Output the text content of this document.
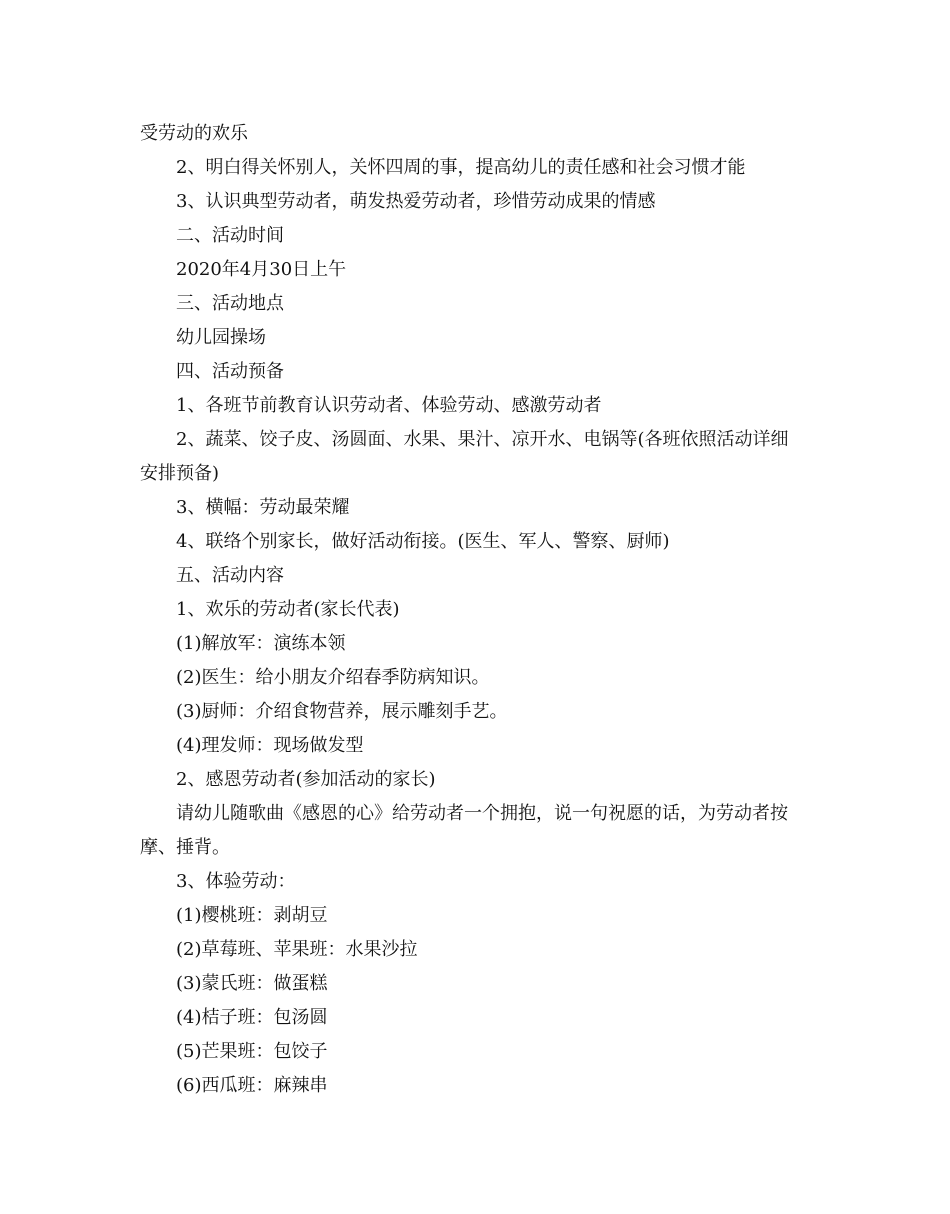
受劳动的欢乐
2、明白得关怀别人，关怀四周的事，提高幼儿的责任感和社会习惯才能
3、认识典型劳动者，萌发热爱劳动者，珍惜劳动成果的情感
二、活动时间
2020年4月30日上午
三、活动地点
幼儿园操场
四、活动预备
1、各班节前教育认识劳动者、体验劳动、感激劳动者
2、蔬菜、饺子皮、汤圆面、水果、果汁、凉开水、电锅等(各班依照活动详细
安排预备)
3、横幅：劳动最荣耀
4、联络个别家长，做好活动衔接。(医生、军人、警察、厨师)
五、活动内容
1、欢乐的劳动者(家长代表)
(1)解放军：演练本领
(2)医生：给小朋友介绍春季防病知识。
(3)厨师：介绍食物营养，展示雕刻手艺。
(4)理发师：现场做发型
2、感恩劳动者(参加活动的家长)
请幼儿随歌曲《感恩的心》给劳动者一个拥抱，说一句祝愿的话，为劳动者按
摩、捶背。
3、体验劳动：
(1)樱桃班：剥胡豆
(2)草莓班、苹果班：水果沙拉
(3)蒙氏班：做蛋糕
(4)桔子班：包汤圆
(5)芒果班：包饺子
(6)西瓜班：麻辣串
